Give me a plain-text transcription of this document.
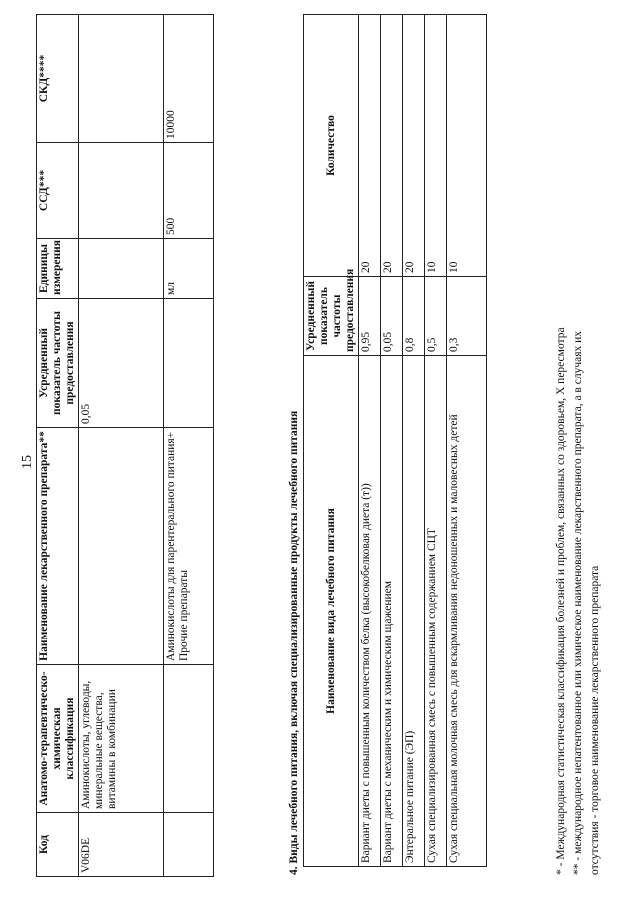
15
Код	Анатомо-терапевтическо-химическая классификация	Наименование лекарственного препарата**	Усредненный показатель частоты предоставления	Единицы измерения	ССД***	СКД****
V06DE	Аминокислоты, углеводы, минеральные вещества, витамины в комбинации		0,05			
		Аминокислоты для парентерального питания+ Прочие препараты		мл	500	10000
4. Виды лечебного питания, включая специализированные продукты лечебного питания Наименование вида лечебного питания	Усредненный показатель частоты предоставления	Количество
Вариант диеты с повышенным количеством белка (высокобелковая диета (т))	0,95	20
Вариант диеты с механическим и химическим щажением	0,05	20
Энтеральное питание (ЭП)	0,8	20
Сухая специализированная смесь с повышенным содержанием СЦТ	0,5	10
Сухая специальная молочная смесь для вскармливания недоношенных и маловесных детей	0,3	10
* - Международная статистическая классификация болезней и проблем, связанных со здоровьем, X пересмотра ** - международное непатентованное или химическое наименование лекарственного препарата, а в случаях их отсутствия - торговое наименование лекарственного препарата
